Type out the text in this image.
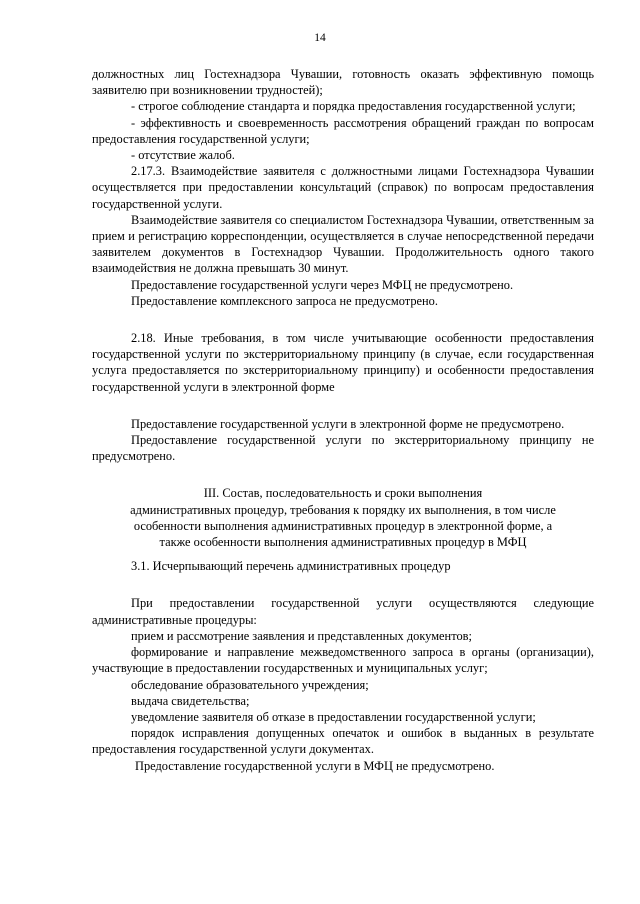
14

должностных лиц Гостехнадзора Чувашии, готовность оказать эффективную помощь заявителю при возникновении трудностей);

- строгое соблюдение стандарта и порядка предоставления государственной услуги;

- эффективность и своевременность рассмотрения обращений граждан по вопросам предоставления государственной услуги;

- отсутствие жалоб.

2.17.3. Взаимодействие заявителя с должностными лицами Гостехнадзора Чувашии осуществляется при предоставлении консультаций (справок) по вопросам предоставления государственной услуги.

Взаимодействие заявителя со специалистом Гостехнадзора Чувашии, ответственным за прием и регистрацию корреспонденции, осуществляется в случае непосредственной передачи заявителем документов в Гостехнадзор Чувашии. Продолжительность одного такого взаимодействия не должна превышать 30 минут.

Предоставление государственной услуги через МФЦ не предусмотрено.

Предоставление комплексного запроса не предусмотрено.

2.18. Иные требования, в том числе учитывающие особенности предоставления государственной услуги по экстерриториальному принципу (в случае, если государственная услуга предоставляется по экстерриториальному принципу) и особенности предоставления государственной услуги в электронной форме

Предоставление государственной услуги в электронной форме не предусмотрено.

Предоставление государственной услуги по экстерриториальному принципу не предусмотрено.

III. Состав, последовательность и сроки выполнения

административных процедур, требования к порядку их выполнения, в том числе

особенности выполнения административных процедур в электронной форме, а

также особенности выполнения административных процедур в МФЦ

3.1. Исчерпывающий перечень административных процедур

При предоставлении государственной услуги осуществляются следующие административные процедуры:

прием и рассмотрение заявления и представленных документов;

формирование и направление межведомственного запроса в органы (организации), участвующие в предоставлении государственных и муниципальных услуг;

обследование образовательного учреждения;

выдача свидетельства;

уведомление заявителя об отказе в предоставлении государственной услуги;

порядок исправления допущенных опечаток и ошибок в выданных в результате предоставления государственной услуги документах.

Предоставление государственной услуги в МФЦ не предусмотрено.
